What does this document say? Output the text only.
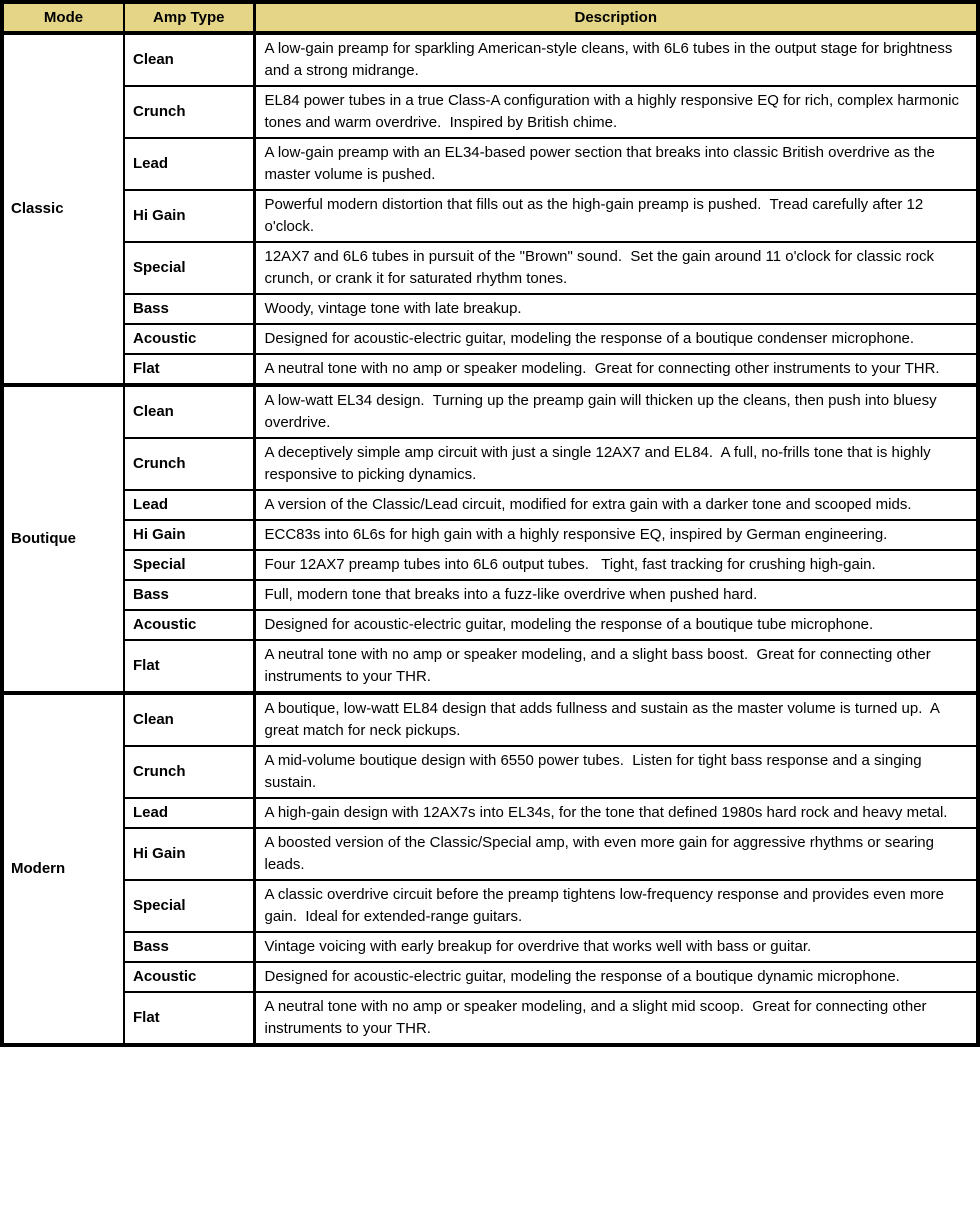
Mode	Amp Type	Description
Classic	Clean	A low-gain preamp for sparkling American-style cleans, with 6L6 tubes in the output stage for brightness and a strong midrange.
	Crunch	EL84 power tubes in a true Class-A configuration with a highly responsive EQ for rich, complex harmonic tones and warm overdrive.  Inspired by British chime.
	Lead	A low-gain preamp with an EL34-based power section that breaks into classic British overdrive as the master volume is pushed.
	Hi Gain	Powerful modern distortion that fills out as the high-gain preamp is pushed.  Tread carefully after 12 o'clock.
	Special	12AX7 and 6L6 tubes in pursuit of the "Brown" sound.  Set the gain around 11 o'clock for classic rock crunch, or crank it for saturated rhythm tones.
	Bass	Woody, vintage tone with late breakup.
	Acoustic	Designed for acoustic-electric guitar, modeling the response of a boutique condenser microphone.
	Flat	A neutral tone with no amp or speaker modeling.  Great for connecting other instruments to your THR.
Boutique	Clean	A low-watt EL34 design.  Turning up the preamp gain will thicken up the cleans, then push into bluesy overdrive.
	Crunch	A deceptively simple amp circuit with just a single 12AX7 and EL84.  A full, no-frills tone that is highly responsive to picking dynamics.
	Lead	A version of the Classic/Lead circuit, modified for extra gain with a darker tone and scooped mids.
	Hi Gain	ECC83s into 6L6s for high gain with a highly responsive EQ, inspired by German engineering.
	Special	Four 12AX7 preamp tubes into 6L6 output tubes.   Tight, fast tracking for crushing high-gain.
	Bass	Full, modern tone that breaks into a fuzz-like overdrive when pushed hard.
	Acoustic	Designed for acoustic-electric guitar, modeling the response of a boutique tube microphone.
	Flat	A neutral tone with no amp or speaker modeling, and a slight bass boost.  Great for connecting other instruments to your THR.
Modern	Clean	A boutique, low-watt EL84 design that adds fullness and sustain as the master volume is turned up.  A great match for neck pickups.
	Crunch	A mid-volume boutique design with 6550 power tubes.  Listen for tight bass response and a singing sustain.
	Lead	A high-gain design with 12AX7s into EL34s, for the tone that defined 1980s hard rock and heavy metal.
	Hi Gain	A boosted version of the Classic/Special amp, with even more gain for aggressive rhythms or searing leads.
	Special	A classic overdrive circuit before the preamp tightens low-frequency response and provides even more gain.  Ideal for extended-range guitars.
	Bass	Vintage voicing with early breakup for overdrive that works well with bass or guitar.
	Acoustic	Designed for acoustic-electric guitar, modeling the response of a boutique dynamic microphone.
	Flat	A neutral tone with no amp or speaker modeling, and a slight mid scoop.  Great for connecting other instruments to your THR.
